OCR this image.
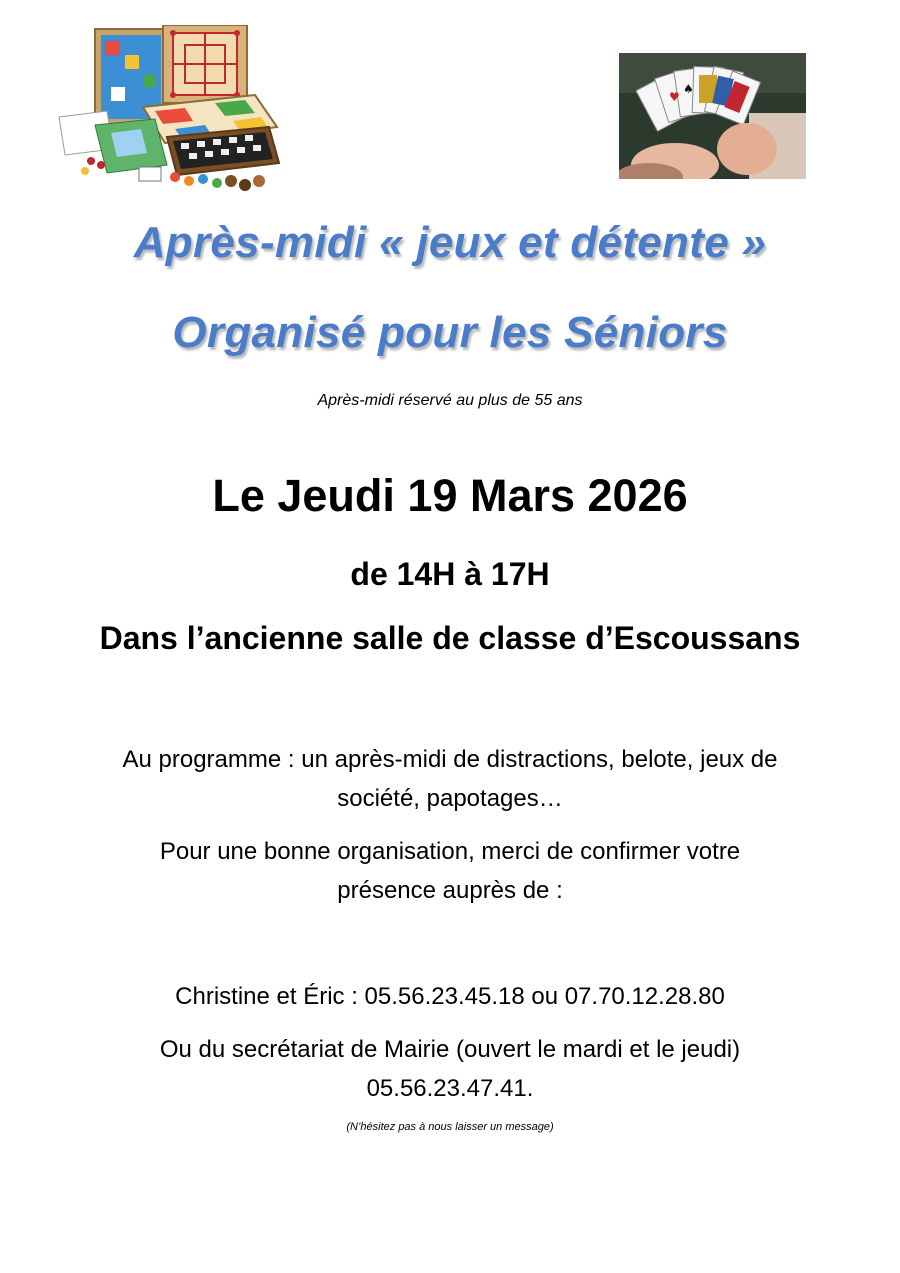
♥
♠
Après-midi « jeux et détente »
Organisé pour les Séniors
Après-midi réservé au plus de 55 ans
Le Jeudi 19 Mars 2026
de 14H à 17H
Dans l’ancienne salle de classe d’Escoussans
Au programme : un après-midi de distractions, belote, jeux de
société, papotages…
Pour une bonne organisation, merci de confirmer votre
présence auprès de :
Christine et Éric : 05.56.23.45.18 ou 07.70.12.28.80
Ou du secrétariat de Mairie (ouvert le mardi et le jeudi)
05.56.23.47.41.
(N’hésitez pas à nous laisser un message)
